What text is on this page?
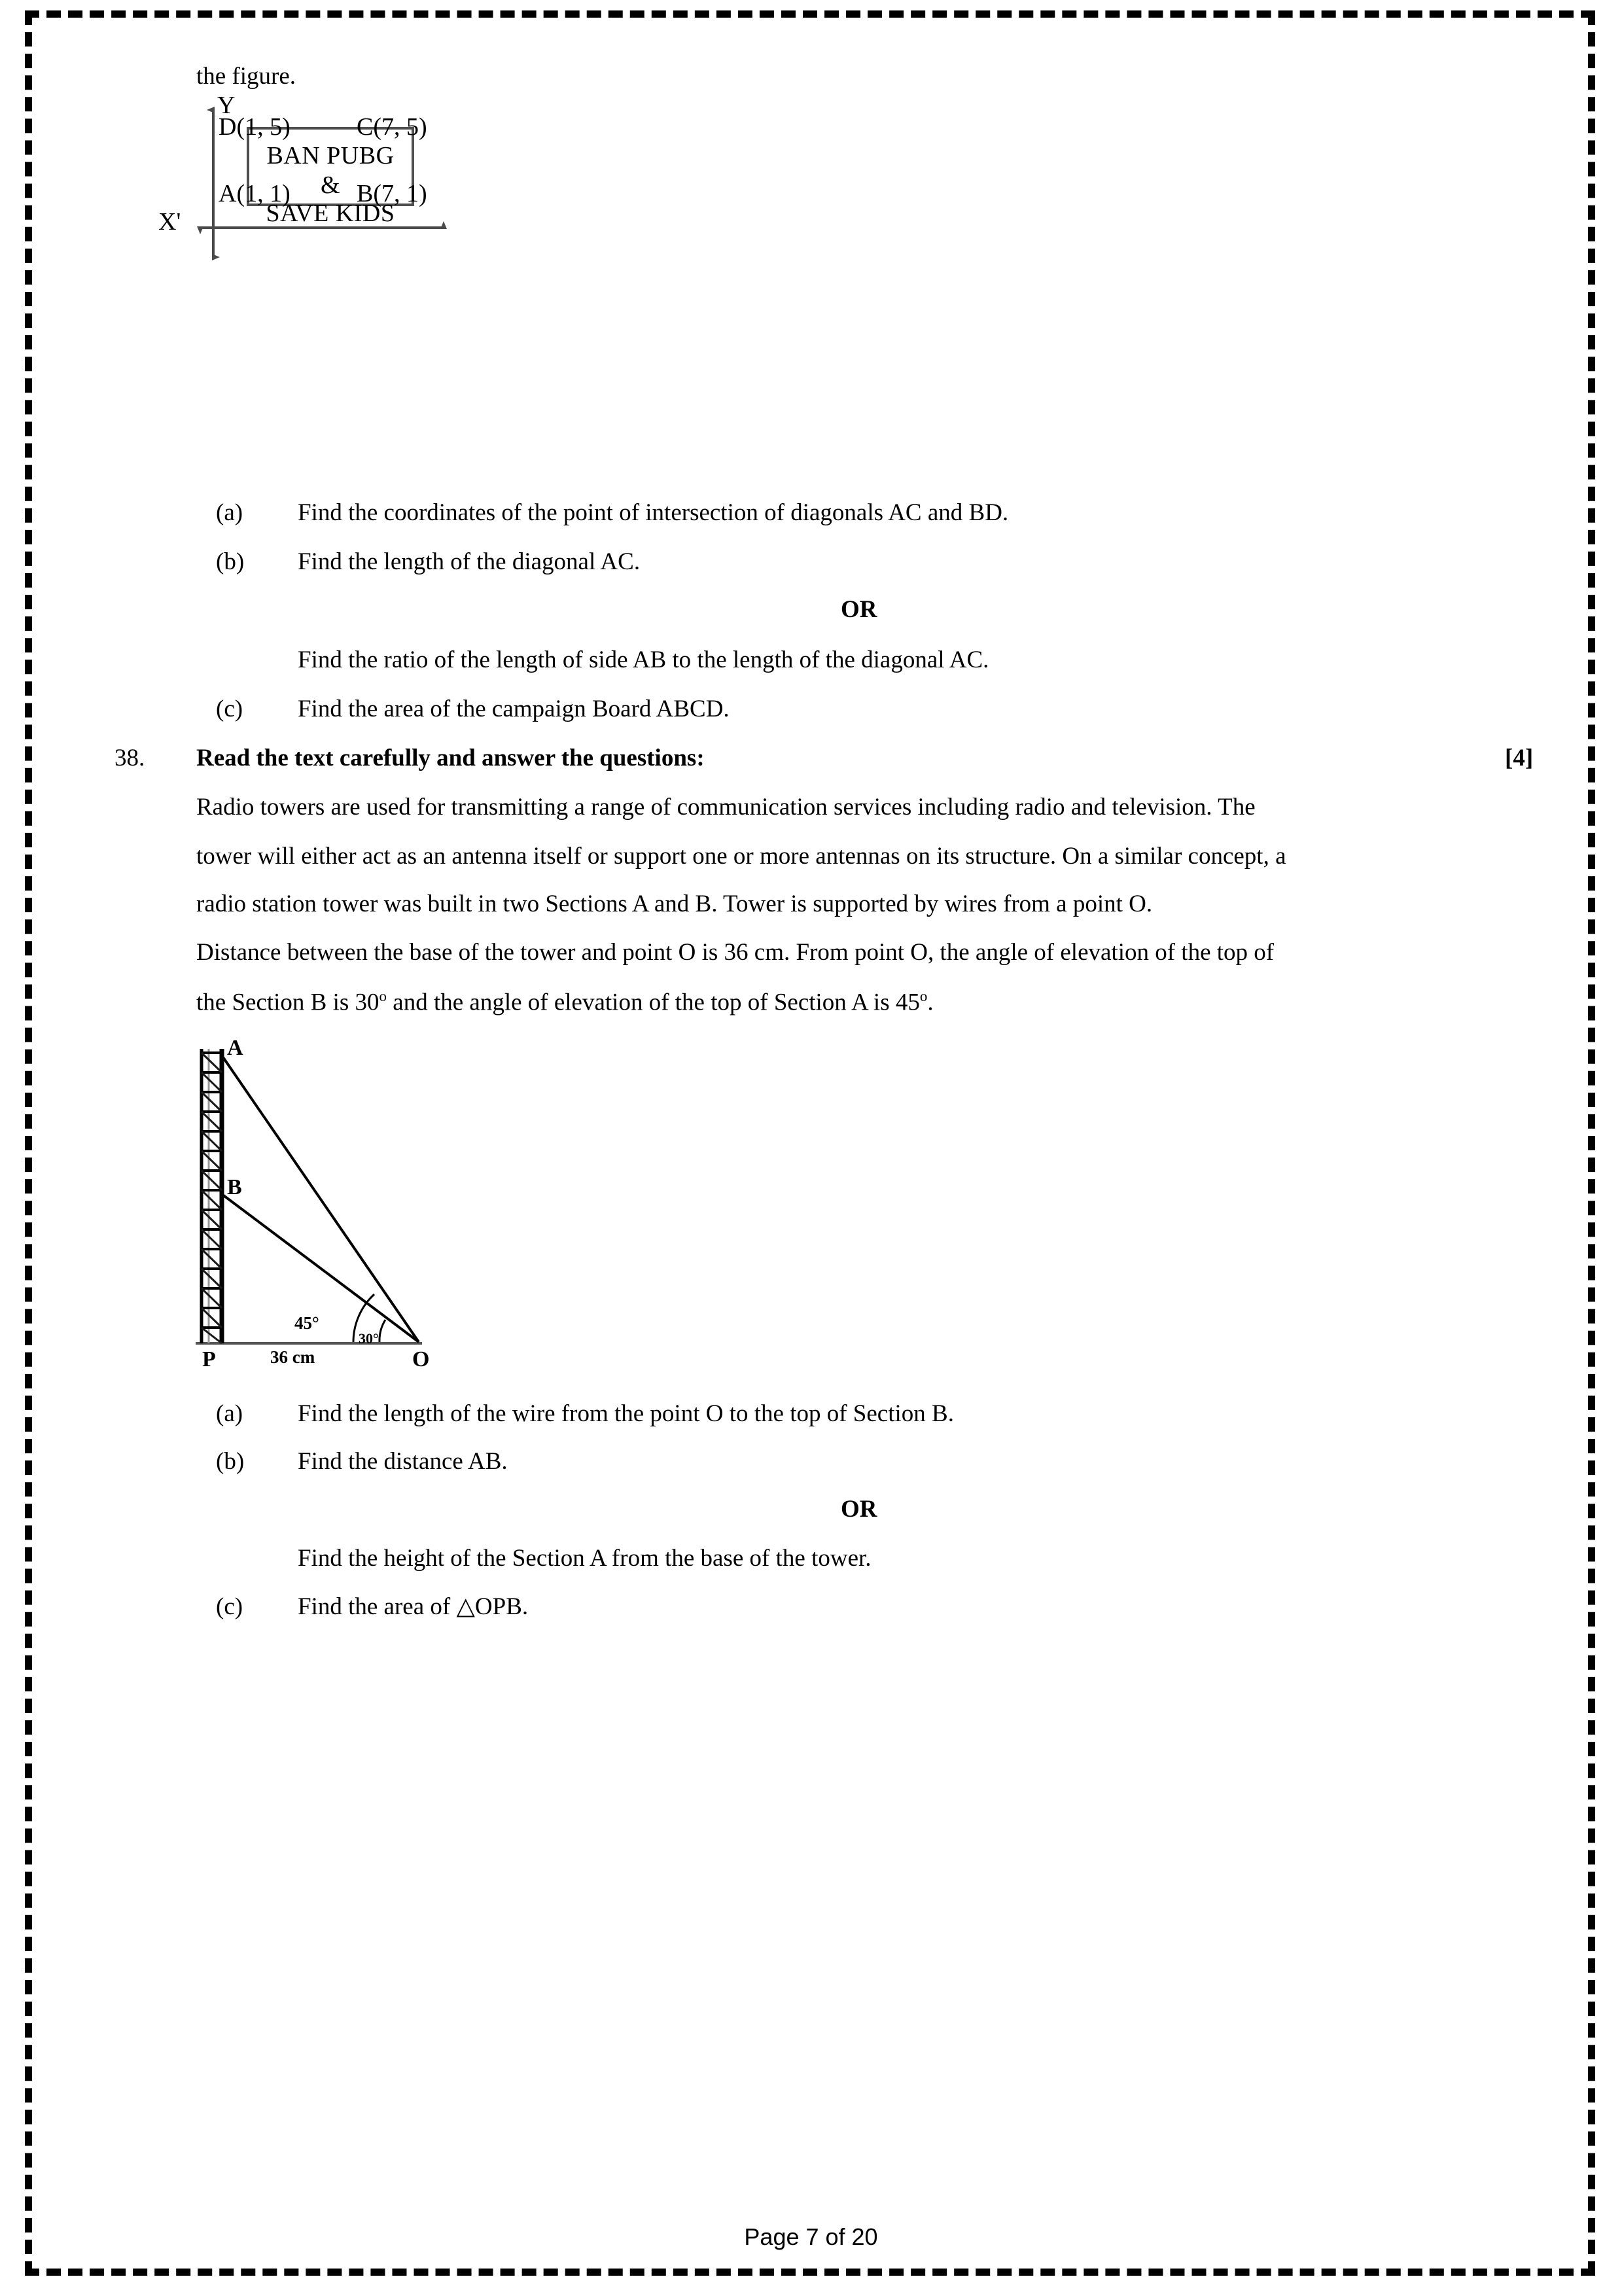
the figure.
Y
X'
D(1, 5)	C(7, 5)
A(1, 1)	B(7, 1)
BAN PUBG
&
SAVE KIDS
(a) Find the coordinates of the point of intersection of diagonals AC and BD.
(b) Find the length of the diagonal AC.
OR
Find the ratio of the length of side AB to the length of the diagonal AC.
(c) Find the area of the campaign Board ABCD.
38. Read the text carefully and answer the questions:	[4]
Radio towers are used for transmitting a range of communication services including radio and television. The
tower will either act as an antenna itself or support one or more antennas on its structure. On a similar concept, a
radio station tower was built in two Sections A and B. Tower is supported by wires from a point O.
Distance between the base of the tower and point O is 36 cm. From point O, the angle of elevation of the top of
the Section B is 30$^o$ and the angle of elevation of the top of Section A is 45$^o$.
A
B
P	O
45°
30°
36 cm
(a) Find the length of the wire from the point O to the top of Section B.
(b) Find the distance AB.
OR
Find the height of the Section A from the base of the tower.
(c) Find the area of △OPB.
Page 7 of 20
